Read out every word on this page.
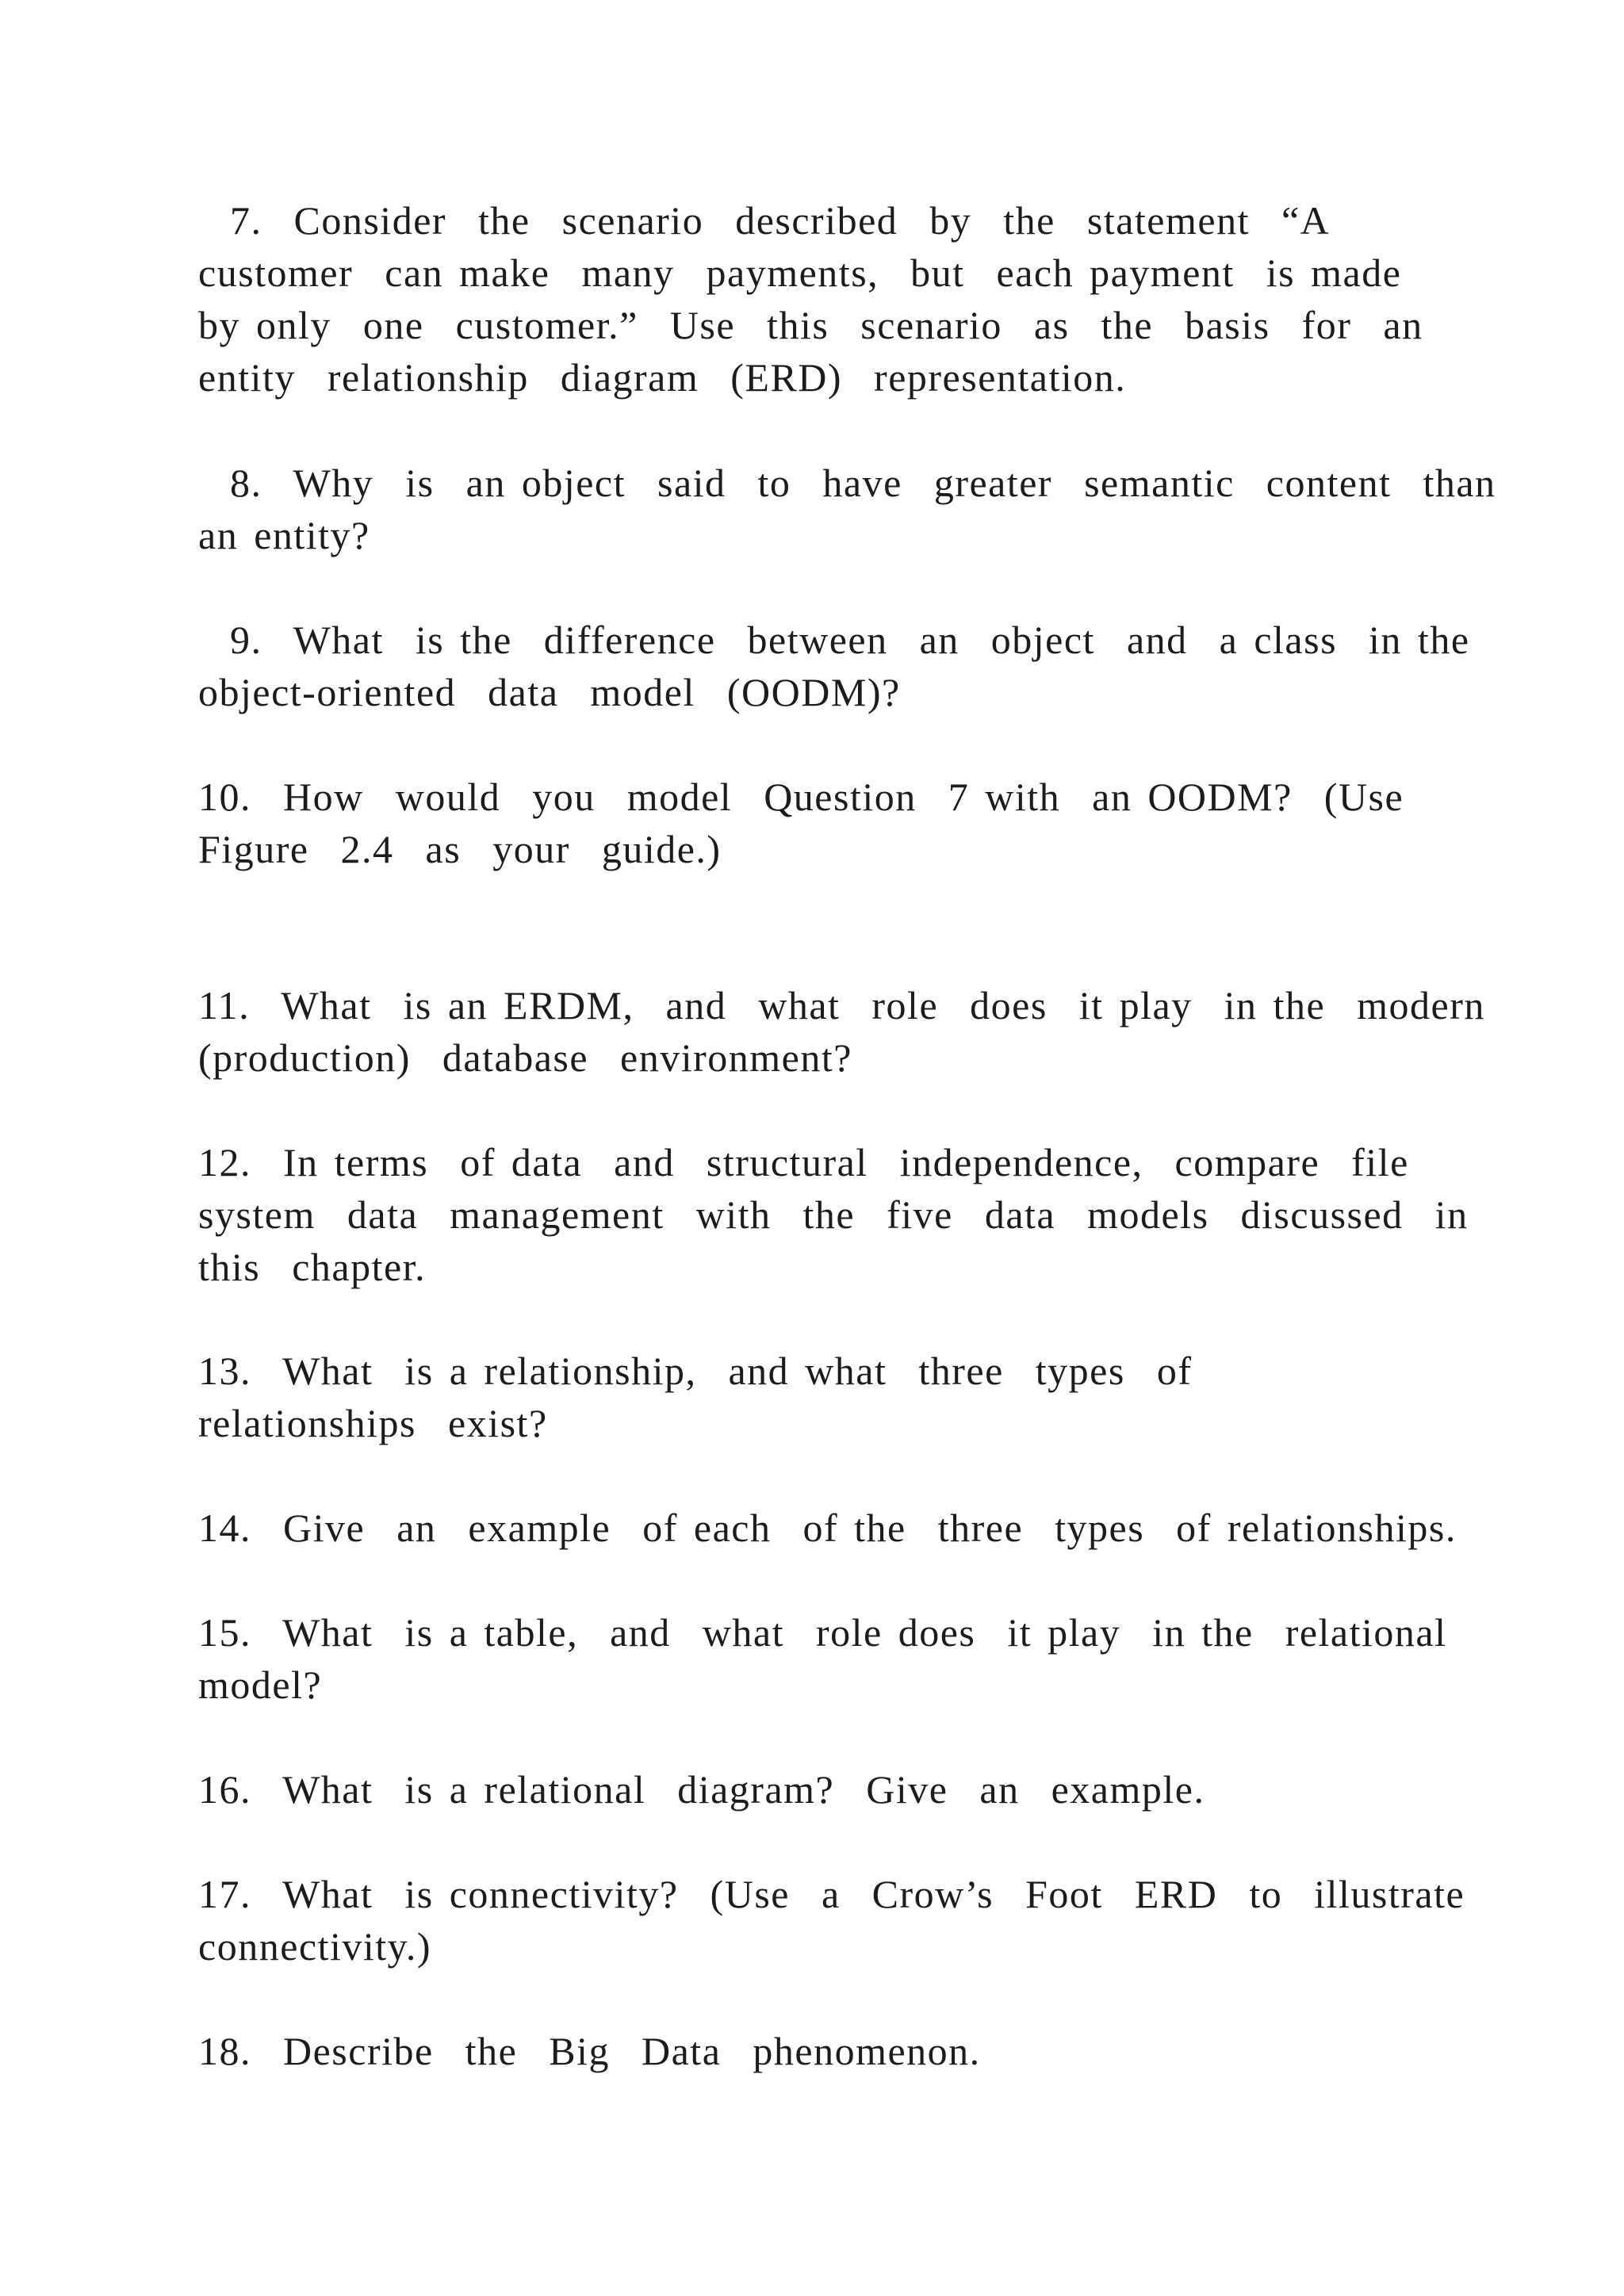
7.  Consider  the  scenario  described  by  the  statement  “A
customer  can make  many  payments,  but  each payment  is made
by only  one  customer.”  Use  this  scenario  as  the  basis  for  an
entity  relationship  diagram  (ERD)  representation.

8.  Why  is  an object  said  to  have  greater  semantic  content  than
an entity?

9.  What  is the  difference  between  an  object  and  a class  in the
object-oriented  data  model  (OODM)?

10.  How  would  you  model  Question  7 with  an OODM?  (Use
Figure  2.4  as  your  guide.)

11.  What  is an ERDM,  and  what  role  does  it play  in the  modern
(production)  database  environment?

12.  In terms  of data  and  structural  independence,  compare  file
system  data  management  with  the  five  data  models  discussed  in
this  chapter.

13.  What  is a relationship,  and what  three  types  of
relationships  exist?

14.  Give  an  example  of each  of the  three  types  of relationships.

15.  What  is a table,  and  what  role does  it play  in the  relational
model?

16.  What  is a relational  diagram?  Give  an  example.

17.  What  is connectivity?  (Use  a  Crow’s  Foot  ERD  to  illustrate
connectivity.)

18.  Describe  the  Big  Data  phenomenon.
